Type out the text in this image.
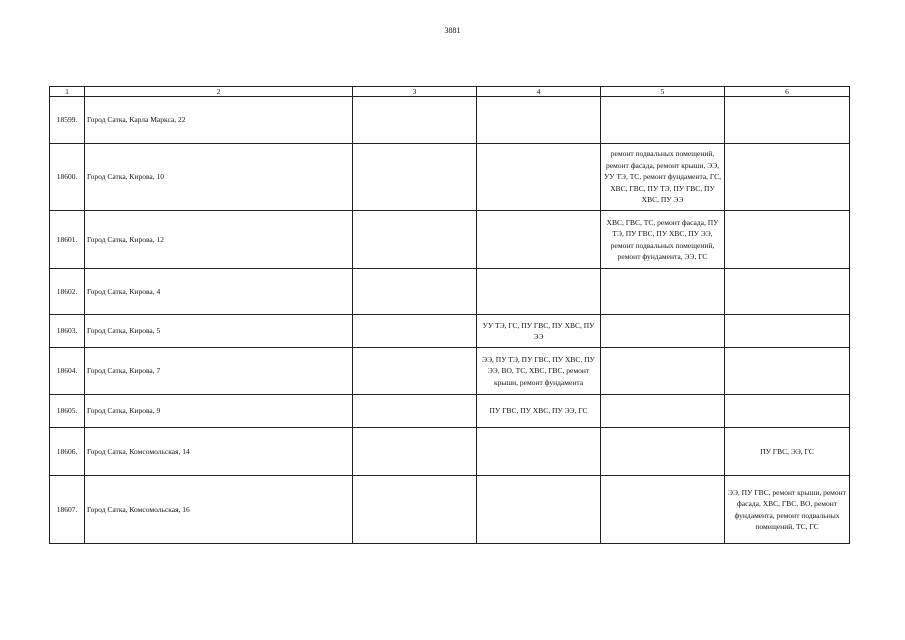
3881
1	2	3	4	5	6
18599.	Город Сатка, Карла Маркса, 22				
18600.	Город Сатка, Кирова, 10			ремонт подвальных помещений, ремонт фасада, ремонт крыши, ЭЭ, УУ ТЭ, ТС, ремонт фундамента, ГС, ХВС, ГВС, ПУ ТЭ, ПУ ГВС, ПУ ХВС, ПУ ЭЭ	
18601.	Город Сатка, Кирова, 12			ХВС, ГВС, ТС, ремонт фасада, ПУ ТЭ, ПУ ГВС, ПУ ХВС, ПУ ЭЭ, ремонт подвальных помещений, ремонт фундамента, ЭЭ, ГС	
18602.	Город Сатка, Кирова, 4				
18603.	Город Сатка, Кирова, 5		УУ ТЭ, ГС, ПУ ГВС, ПУ ХВС, ПУ ЭЭ		
18604.	Город Сатка, Кирова, 7		ЭЭ, ПУ ТЭ, ПУ ГВС, ПУ ХВС, ПУ ЭЭ, ВО, ТС, ХВС, ГВС, ремонт крыши, ремонт фундамента		
18605.	Город Сатка, Кирова, 9		ПУ ГВС, ПУ ХВС, ПУ ЭЭ, ГС		
18606.	Город Сатка, Комсомольская, 14				ПУ ГВС, ЭЭ, ГС
18607.	Город Сатка, Комсомольская, 16				ЭЭ, ПУ ГВС, ремонт крыши, ремонт фасада, ХВС, ГВС, ВО, ремонт фундамента, ремонт подвальных помещений, ТС, ГС
